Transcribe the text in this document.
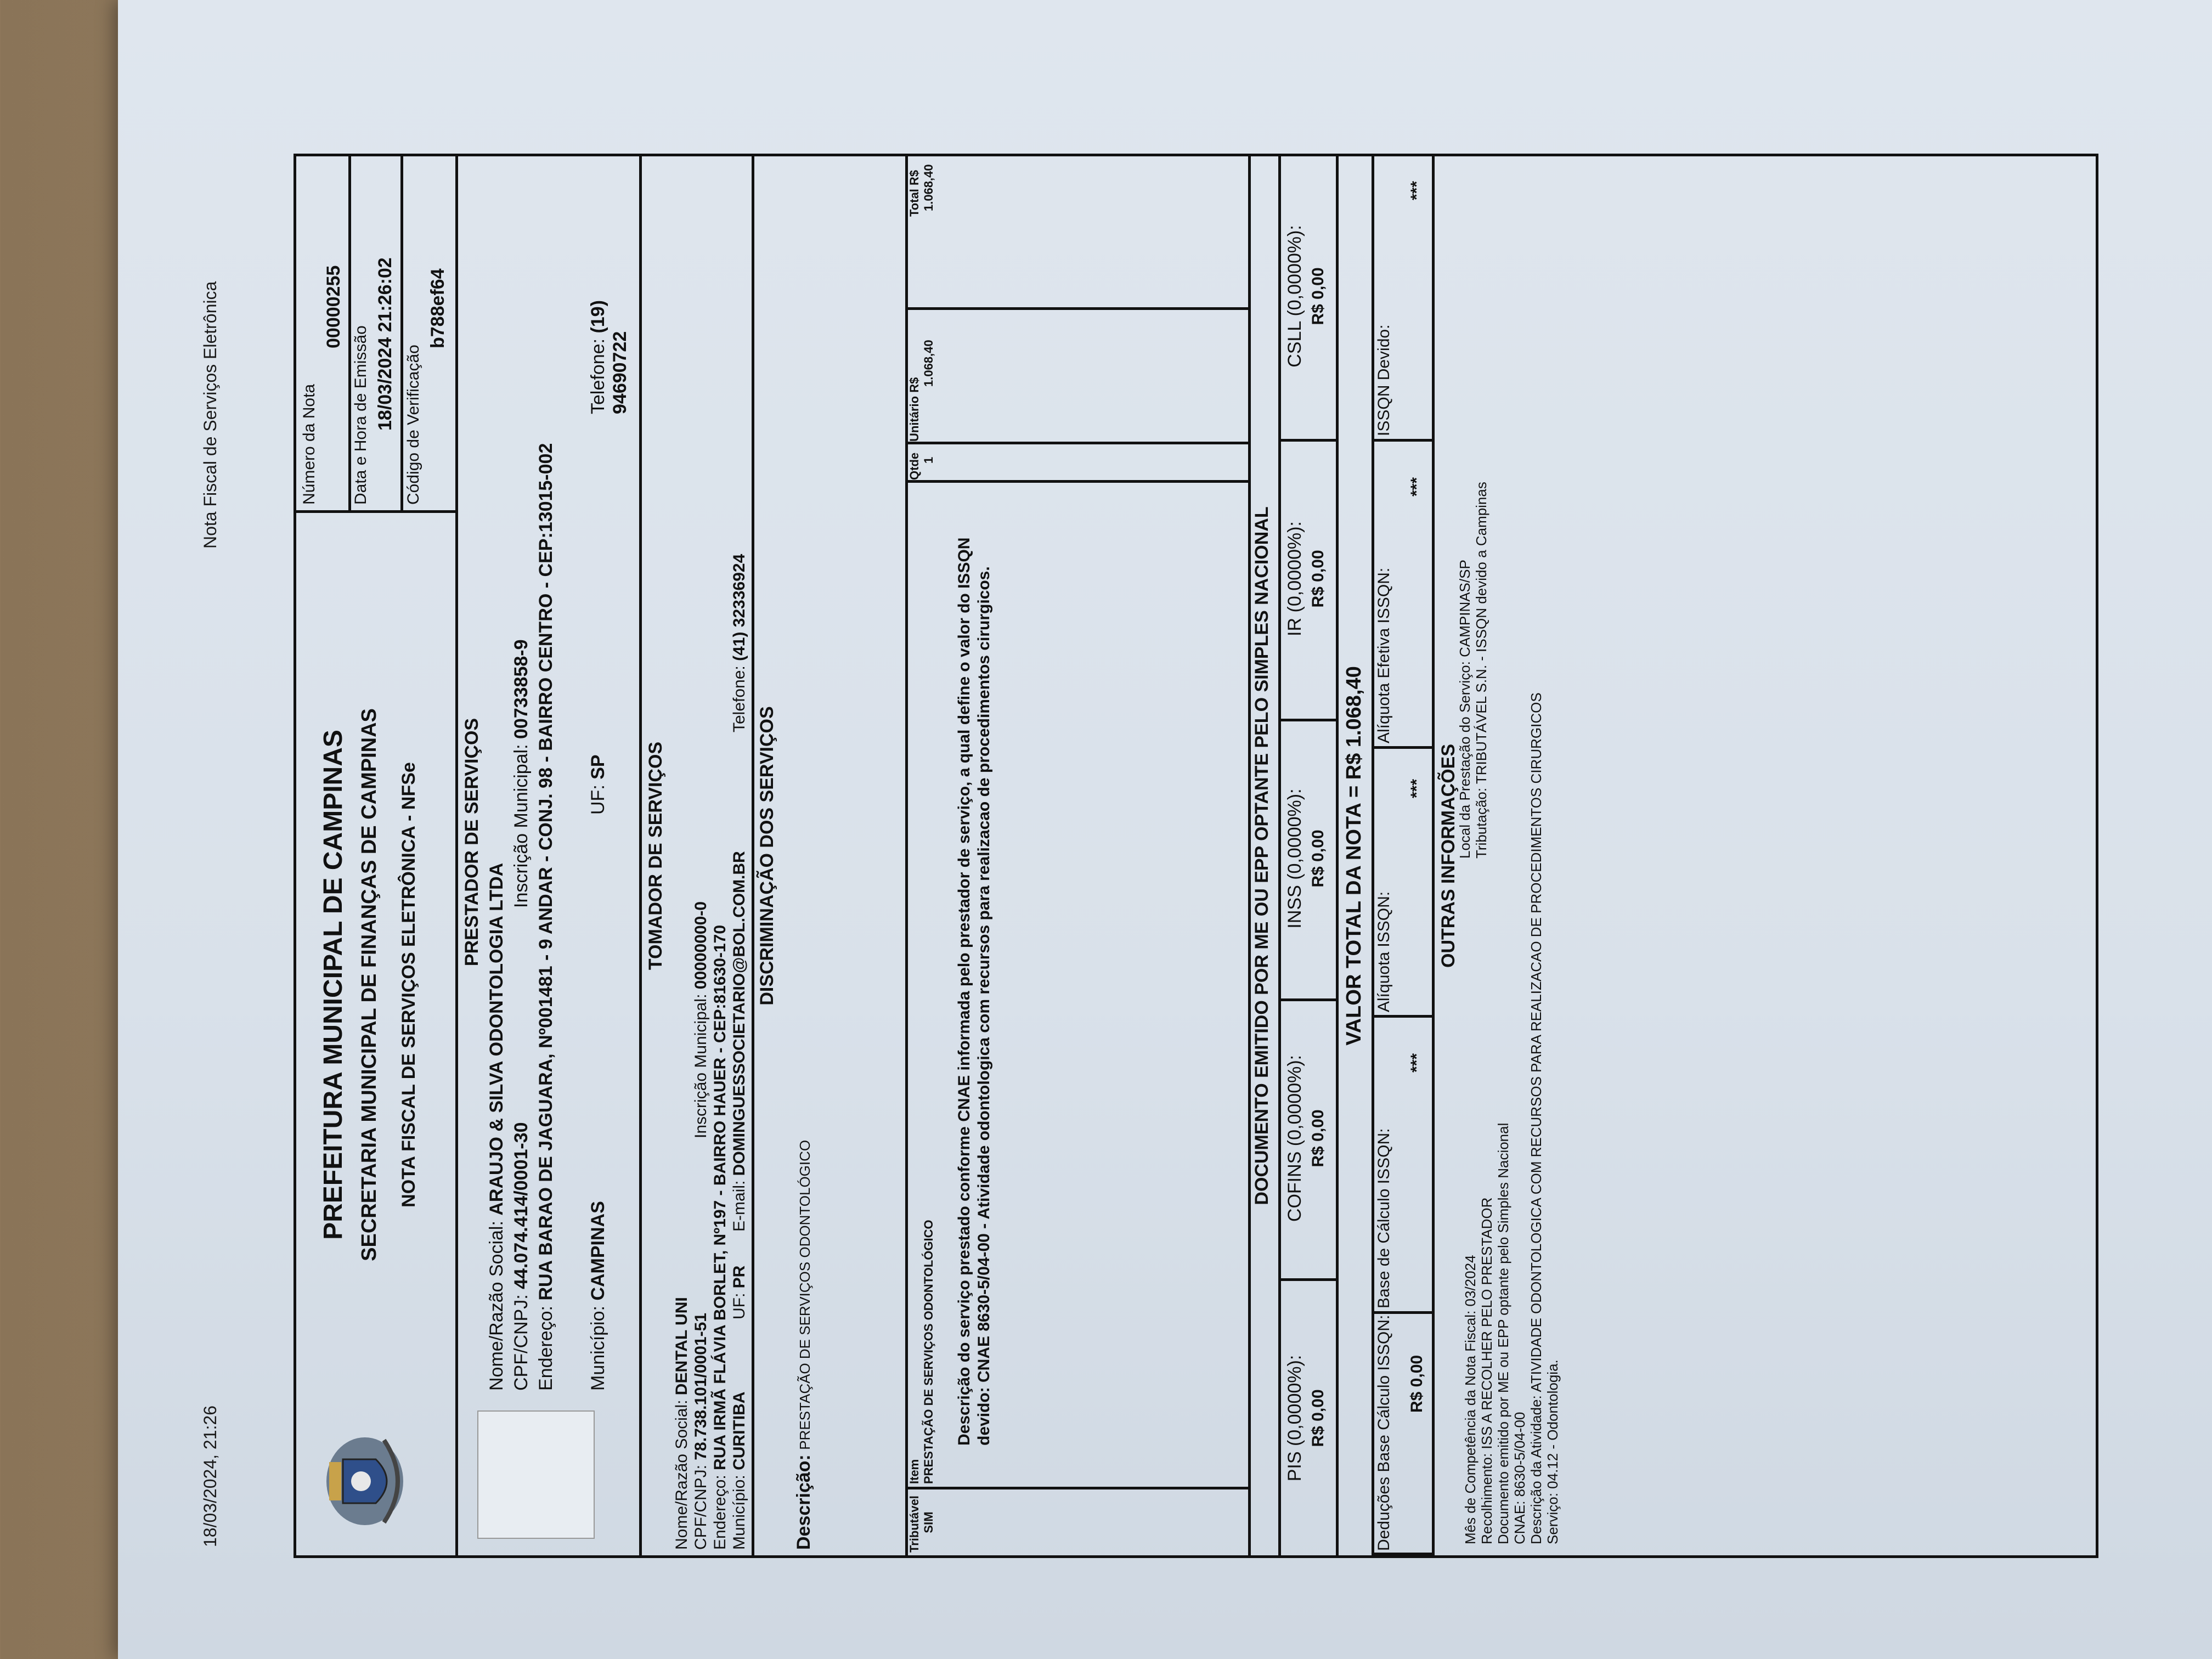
18/03/2024, 21:26
Nota Fiscal de Serviços Eletrônica
PREFEITURA MUNICIPAL DE CAMPINAS SECRETARIA MUNICIPAL DE FINANÇAS DE CAMPINAS NOTA FISCAL DE SERVIÇOS ELETRÔNICA - NFSe
Número da Nota
00000255
Data e Hora de Emissão 18/03/2024 21:26:02 Código de Verificação
b788ef64
PRESTADOR DE SERVIÇOS
Nome/Razão Social: ARAUJO & SILVA ODONTOLOGIA LTDA
CPF/CNPJ: 44.074.414/0001-30
Inscrição Municipal: 00733858-9
Endereço: RUA BARAO DE JAGUARA, Nº001481 - 9 ANDAR - CONJ. 98 - BAIRRO CENTRO - CEP:13015-002
Município: CAMPINAS
UF: SP
Telefone: (19) 94690722
TOMADOR DE SERVIÇOS
Nome/Razão Social: DENTAL UNI
CPF/CNPJ: 78.738.101/0001-51
Inscrição Municipal: 00000000-0
Endereço: RUA IRMÃ FLÁVIA BORLET, Nº197 - BAIRRO HAUER - CEP:81630-170
Município: CURITIBA
UF: PR
E-mail: DOMINGUESSOCIETARIO@BOL.COM.BR
Telefone: (41) 32336924
DISCRIMINAÇÃO DOS SERVIÇOS
Descrição: PRESTAÇÃO DE SERVIÇOS ODONTOLÓGICO
Tributável
Item
Qtde
Unitário R$
Total R$
SIM
PRESTAÇÃO DE SERVIÇOS ODONTOLÓGICO
1
1.068,40
1.068,40
Descrição do serviço prestado conforme CNAE informada pelo prestador de serviço, a qual define o valor do ISSQN devido: CNAE 8630-5/04-00 - Atividade odontologica com recursos para realizacao de procedimentos cirurgicos.	DOCUMENTO EMITIDO POR ME OU EPP OPTANTE PELO SIMPLES NACIONAL
PIS (0,0000%): R$ 0,00
COFINS (0,0000%): R$ 0,00
INSS (0,0000%): R$ 0,00
IR (0,0000%): R$ 0,00
CSLL (0,0000%): R$ 0,00
VALOR TOTAL DA NOTA = R$ 1.068,40
Deduções Base Cálculo ISSQN: R$ 0,00
Base de Cálculo ISSQN:
***
Alíquota ISSQN:
***
Alíquota Efetiva ISSQN:
***
ISSQN Devido:
***
OUTRAS INFORMAÇÕES
Mês de Competência da Nota Fiscal: 03/2024
Local da Prestação do Serviço: CAMPINAS/SP
Recolhimento: ISS A RECOLHER PELO PRESTADOR
Tributação: TRIBUTÁVEL S.N. - ISSQN devido a Campinas
Documento emitido por ME ou EPP optante pelo Simples Nacional CNAE: 8630-5/04-00 Descrição da Atividade: ATIVIDADE ODONTOLOGICA COM RECURSOS PARA REALIZACAO DE PROCEDIMENTOS CIRURGICOS Serviço: 04.12 - Odontologia.
